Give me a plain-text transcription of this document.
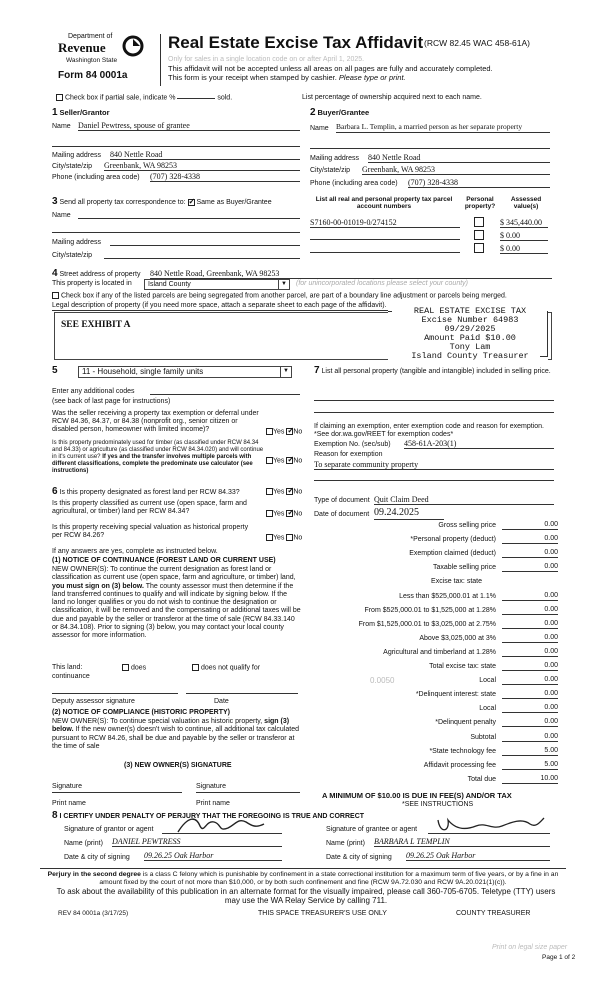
Department of
Revenue
Washington State
Form 84 0001a
Real Estate Excise Tax Affidavit (RCW 82.45 WAC 458-61A)
Only for sales in a single location code on or after April 1, 2025.
This affidavit will not be accepted unless all areas on all pages are fully and accurately completed.
This form is your receipt when stamped by cashier. Please type or print.
Check box if partial sale, indicate %	sold.	List percentage of ownership acquired next to each name.
1 Seller/Grantor
Name Daniel Pewtress, spouse of grantee
Mailing address 840 Nettle Road
City/state/zip Greenbank, WA 98253
Phone (including area code) (707) 328-4338
2 Buyer/Grantee
Name Barbara L. Templin, a married person as her separate property
Mailing address 840 Nettle Road
City/state/zip Greenbank, WA 98253
Phone (including area code) (707) 328-4338
3 Send all property tax correspondence to: ✓ Same as Buyer/Grantee
Name
Mailing address
City/state/zip
List all real and personal property tax parcel account numbers
Personal property?
Assessed value(s)
S7160-00-01019-0/274152	$ 345,440.00
$ 0.00
$ 0.00
4 Street address of property 840 Nettle Road, Greenbank, WA 98253
This property is located in	Island County	▼ (for unincorporated locations please select your county)
Check box if any of the listed parcels are being segregated from another parcel, are part of a boundary line adjustment or parcels being merged.
Legal description of property (if you need more space, attach a separate sheet to each page of the affidavit).
SEE EXHIBIT A
REAL ESTATE EXCISE TAX
Excise Number 64983
09/29/2025
Amount Paid $10.00
Tony Lam
Island County Treasurer
5	11 - Household, single family units	▼
Enter any additional codes
(see back of last page for instructions)
Was the seller receiving a property tax exemption or deferral under RCW 84.36, 84.37, or 84.38 (nonprofit org., senior citizen or disabled person, homeowner with limited income)?	Yes ✓ No
Is this property predominately used for timber (as classified under RCW 84.34 and 84.33) or agriculture (as classified under RCW 84.34.020) and will continue in it's current use? If yes and the transfer involves multiple parcels with different classifications, complete the predominate use calculator (see instructions)
Yes ✓ No
6 Is this property designated as forest land per RCW 84.33?	Yes ✓ No
Is this property classified as current use (open space, farm and agricultural, or timber) land per RCW 84.34?	Yes ✓ No
Is this property receiving special valuation as historical property per RCW 84.26?	Yes No
If any answers are yes, complete as instructed below.
(1) NOTICE OF CONTINUANCE (FOREST LAND OR CURRENT USE)
NEW OWNER(S): To continue the current designation as forest land or classification as current use (open space, farm and agriculture, or timber) land, you must sign on (3) below. The county assessor must then determine if the land transferred continues to qualify and will indicate by signing below. If the land no longer qualifies or you do not wish to continue the designation or classification, it will be removed and the compensating or additional taxes will be due and payable by the seller or transferor at the time of sale (RCW 84.33.140 or 84.34.108). Prior to signing (3) below, you may contact your local county assessor for more information.
This land:	does	does not qualify for
continuance
Deputy assessor signature	Date
(2) NOTICE OF COMPLIANCE (HISTORIC PROPERTY)
NEW OWNER(S): To continue special valuation as historic property, sign (3) below. If the new owner(s) doesn't wish to continue, all additional tax calculated pursuant to RCW 84.26, shall be due and payable by the seller or transferor at the time of sale
(3) NEW OWNER(S) SIGNATURE
Signature	Signature
Print name	Print name
7 List all personal property (tangible and intangible) included in selling price.
If claiming an exemption, enter exemption code and reason for exemption. *See dor.wa.gov/REET for exemption codes*
Exemption No. (sec/sub) 458-61A-203(1)
Reason for exemption
To separate community property
Type of document Quit Claim Deed
Date of document 09.24.2025
Gross selling price	0.00
*Personal property (deduct)	0.00
Exemption claimed (deduct)	0.00
Taxable selling price	0.00
Excise tax: state
Less than $525,000.01 at 1.1%	0.00
From $525,000.01 to $1,525,000 at 1.28%	0.00
From $1,525,000.01 to $3,025,000 at 2.75%	0.00
Above $3,025,000 at 3%	0.00
Agricultural and timberland at 1.28%	0.00
Total excise tax: state	0.00
Local	0.00
0.0050
*Delinquent interest: state	0.00
Local	0.00
*Delinquent penalty	0.00
Subtotal	0.00
*State technology fee	5.00
Affidavit processing fee	5.00
Total due	10.00
A MINIMUM OF $10.00 IS DUE IN FEE(S) AND/OR TAX
*SEE INSTRUCTIONS
8 I CERTIFY UNDER PENALTY OF PERJURY THAT THE FOREGOING IS TRUE AND CORRECT
Signature of grantor or agent
Name (print) DANIEL PEWTRESS
Date & city of signing 09.26.25 Oak Harbor
Signature of grantee or agent
Name (print) BARBARA L TEMPLIN
Date & city of signing 09.26.25 Oak Harbor
Perjury in the second degree is a class C felony which is punishable by confinement in a state correctional institution for a maximum term of five years, or by a fine in an amount fixed by the court of not more than $10,000, or by both such confinement and fine (RCW 9A.72.030 and RCW 9A.20.021(1)(c)).
To ask about the availability of this publication in an alternate format for the visually impaired, please call 360-705-6705. Teletype (TTY) users may use the WA Relay Service by calling 711.
REV 84 0001a (3/17/25)	THIS SPACE TREASURER'S USE ONLY	COUNTY TREASURER
Print on legal size paper
Page 1 of 2
